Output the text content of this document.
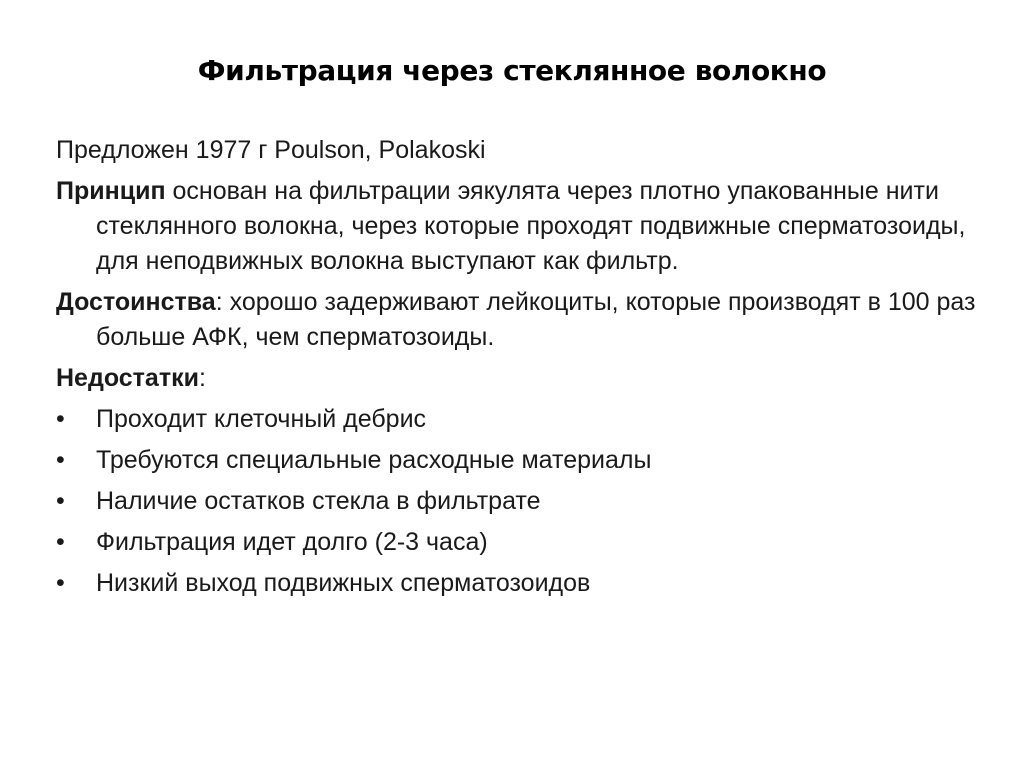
Фильтрация через стеклянное волокно
Предложен 1977 г Poulson, Polakoski
Принцип основан на фильтрации эякулята через плотно упакованные нити стеклянного волокна, через которые проходят подвижные сперматозоиды, для неподвижных волокна выступают как фильтр.
Достоинства: хорошо задерживают лейкоциты, которые производят в 100 раз больше АФК, чем сперматозоиды.
Недостатки:
• Проходит клеточный дебрис
• Требуются специальные расходные материалы
• Наличие остатков стекла в фильтрате
• Фильтрация идет долго (2-3 часа)
• Низкий выход подвижных сперматозоидов
